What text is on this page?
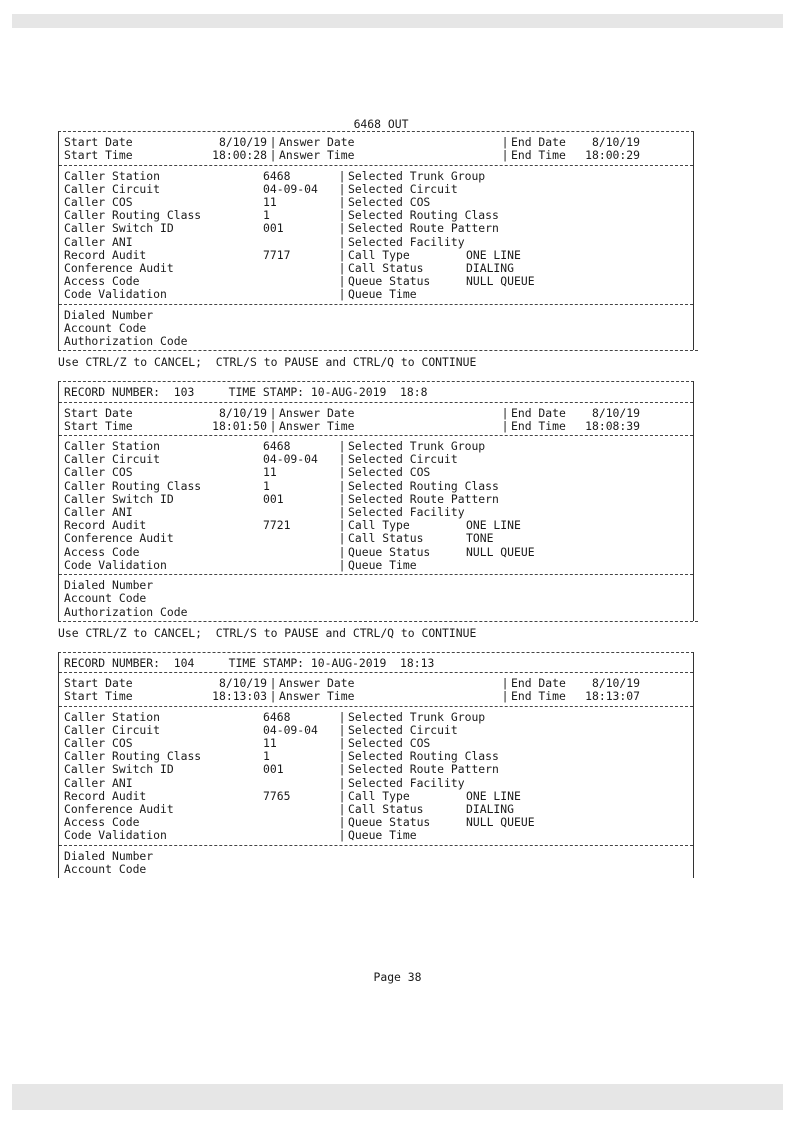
6468 OUT
Start Date	8/10/19 | Answer Date	| End Date	8/10/19
Start Time	18:00:28 | Answer Time	| End Time	18:00:29
Caller Station	6468	| Selected Trunk Group
Caller Circuit	04-09-04	| Selected Circuit
Caller COS	11	| Selected COS
Caller Routing Class	1	| Selected Routing Class
Caller Switch ID	001	| Selected Route Pattern
Caller ANI	| Selected Facility
Record Audit	7717	| Call Type	ONE LINE
Conference Audit	| Call Status	DIALING
Access Code	| Queue Status	NULL QUEUE
Code Validation	| Queue Time
Dialed Number
Account Code
Authorization Code
Use CTRL/Z to CANCEL;  CTRL/S to PAUSE and CTRL/Q to CONTINUE
RECORD NUMBER: 103	TIME STAMP: 10-AUG-2019  18:8
Start Date	8/10/19 | Answer Date	| End Date	8/10/19
Start Time	18:01:50 | Answer Time	| End Time	18:08:39
Caller Station	6468	| Selected Trunk Group
Caller Circuit	04-09-04	| Selected Circuit
Caller COS	11	| Selected COS
Caller Routing Class	1	| Selected Routing Class
Caller Switch ID	001	| Selected Route Pattern
Caller ANI	| Selected Facility
Record Audit	7721	| Call Type	ONE LINE
Conference Audit	| Call Status	TONE
Access Code	| Queue Status	NULL QUEUE
Code Validation	| Queue Time
Dialed Number
Account Code
Authorization Code
Use CTRL/Z to CANCEL;  CTRL/S to PAUSE and CTRL/Q to CONTINUE
RECORD NUMBER: 104	TIME STAMP: 10-AUG-2019  18:13
Start Date	8/10/19 | Answer Date	| End Date	8/10/19
Start Time	18:13:03 | Answer Time	| End Time	18:13:07
Caller Station	6468	| Selected Trunk Group
Caller Circuit	04-09-04	| Selected Circuit
Caller COS	11	| Selected COS
Caller Routing Class	1	| Selected Routing Class
Caller Switch ID	001	| Selected Route Pattern
Caller ANI	| Selected Facility
Record Audit	7765	| Call Type	ONE LINE
Conference Audit	| Call Status	DIALING
Access Code	| Queue Status	NULL QUEUE
Code Validation	| Queue Time
Dialed Number
Account Code
Page 38
